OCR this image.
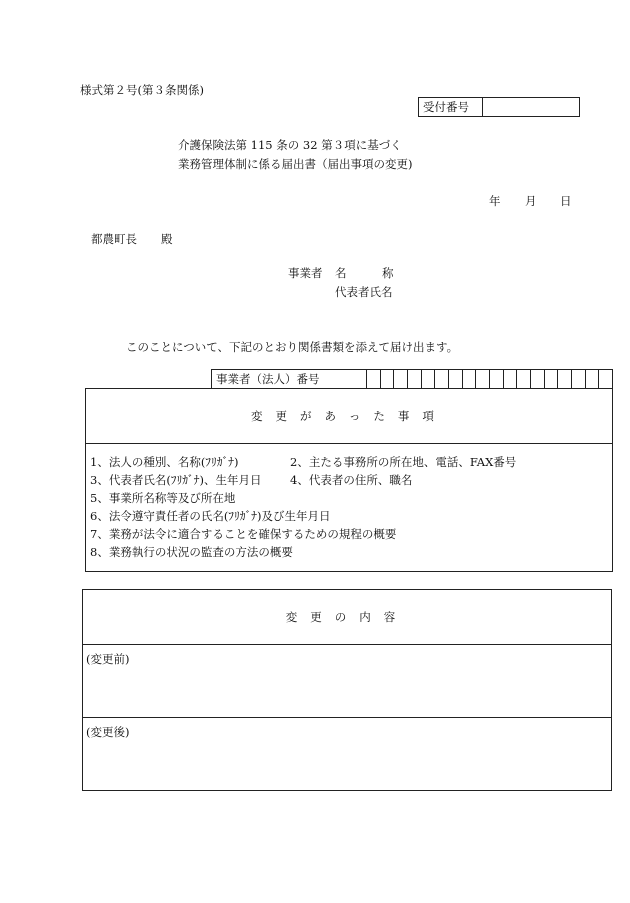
様式第２号(第３条関係)
受付番号
介護保険法第 115 条の 32 第３項に基づく
業務管理体制に係る届出書（届出事項の変更)
年 月 日
都農町長 殿
事業者 名	称
代表者氏名
このことについて、下記のとおり関係書類を添えて届け出ます。
事業者（法人）番号
変更があった事項
1、法人の種別、名称(ﾌﾘｶﾞﾅ)	2、主たる事務所の所在地、電話、FAX番号
3、代表者氏名(ﾌﾘｶﾞﾅ)、生年月日 4、代表者の住所、職名
5、事業所名称等及び所在地
6、法令遵守責任者の氏名(ﾌﾘｶﾞﾅ)及び生年月日
7、業務が法令に適合することを確保するための規程の概要
8、業務執行の状況の監査の方法の概要
変更の内容
(変更前)
(変更後)
